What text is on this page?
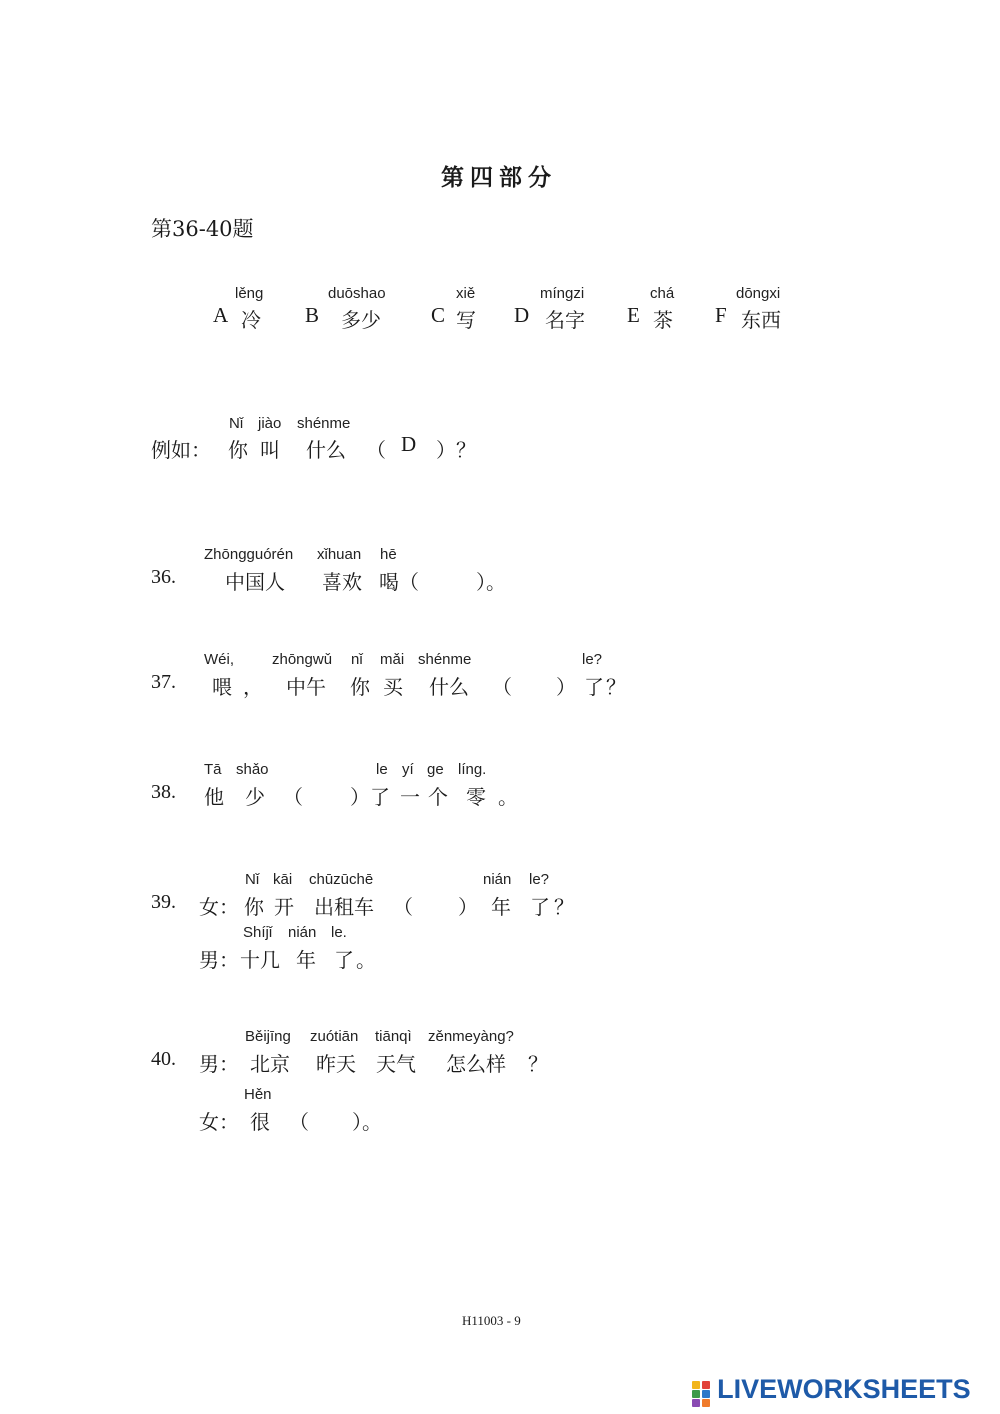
第四部分
第36-40题
lěng
A 冷
duōshao
B 多少
xiě
C 写
míngzi
D 名字
chá
E 茶
dōngxi
F 东西
Nǐ jiào shénme
例如： 你 叫 什么 （ D ）？
Zhōngguórén xǐhuan hē
36. 中国人 喜欢 喝（	）。
Wéi,	zhōngwǔ nǐ mǎi shénme	le?
37. 喂 ， 中午 你 买 什么 （ ） 了 ？
Tā shǎo	le yí ge líng.
38. 他 少 （ ）了 一 个 零 。
Nǐ kāi chūzūchē	nián le?
39. 女： 你 开 出租车 （ ） 年 了 ？
Shíjǐ nián le.
男： 十几 年 了 。
Běijīng zuótiān tiānqì zěnmeyàng?
40. 男： 北京 昨天 天气 怎么样 ？
Hěn
女： 很 （ ）。
H11003 - 9
LIVEWORKSHEETS
